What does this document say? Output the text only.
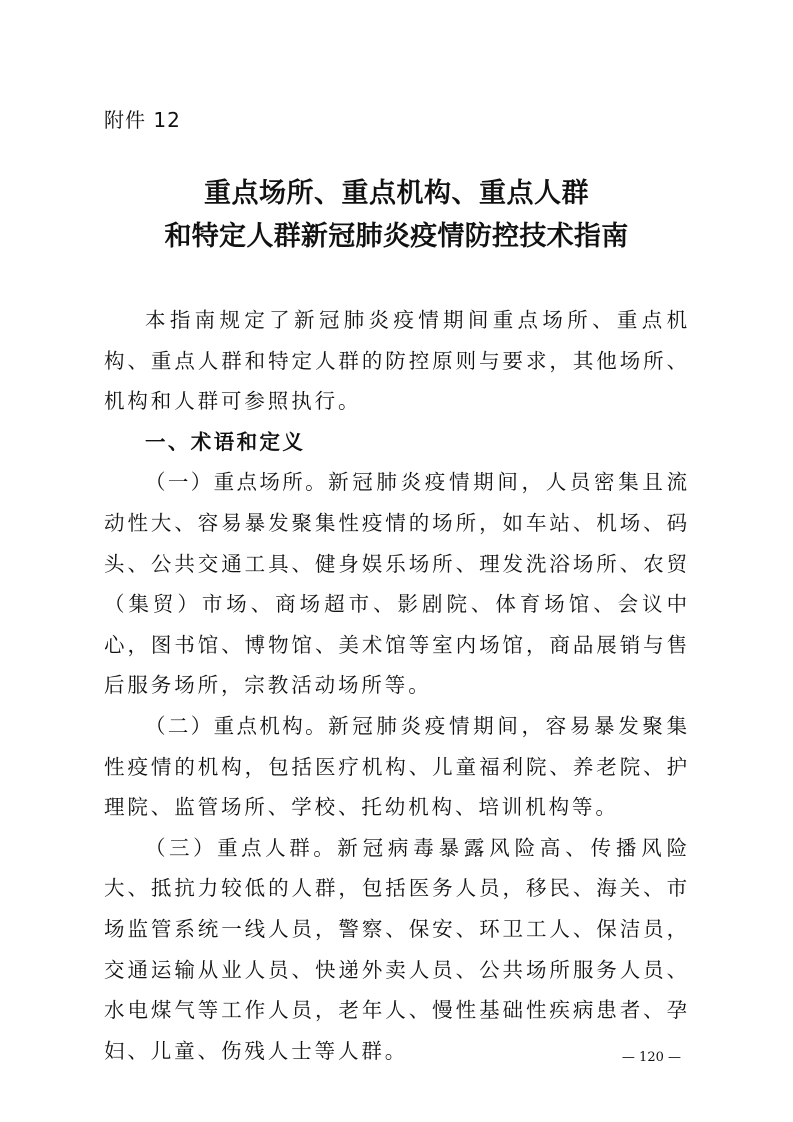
附件 12
重点场所、重点机构、重点人群
和特定人群新冠肺炎疫情防控技术指南

本指南规定了新冠肺炎疫情期间重点场所、重点机构、重点人群和特定人群的防控原则与要求，其他场所、机构和人群可参照执行。

一、术语和定义

（一）重点场所。新冠肺炎疫情期间，人员密集且流动性大、容易暴发聚集性疫情的场所，如车站、机场、码头、公共交通工具、健身娱乐场所、理发洗浴场所、农贸（集贸）市场、商场超市、影剧院、体育场馆、会议中心，图书馆、博物馆、美术馆等室内场馆，商品展销与售后服务场所，宗教活动场所等。

（二）重点机构。新冠肺炎疫情期间，容易暴发聚集性疫情的机构，包括医疗机构、儿童福利院、养老院、护理院、监管场所、学校、托幼机构、培训机构等。

（三）重点人群。新冠病毒暴露风险高、传播风险大、抵抗力较低的人群，包括医务人员，移民、海关、市场监管系统一线人员，警察、保安、环卫工人、保洁员，交通运输从业人员、快递外卖人员、公共场所服务人员、水电煤气等工作人员，老年人、慢性基础性疾病患者、孕妇、儿童、伤残人士等人群。	— 120 —
